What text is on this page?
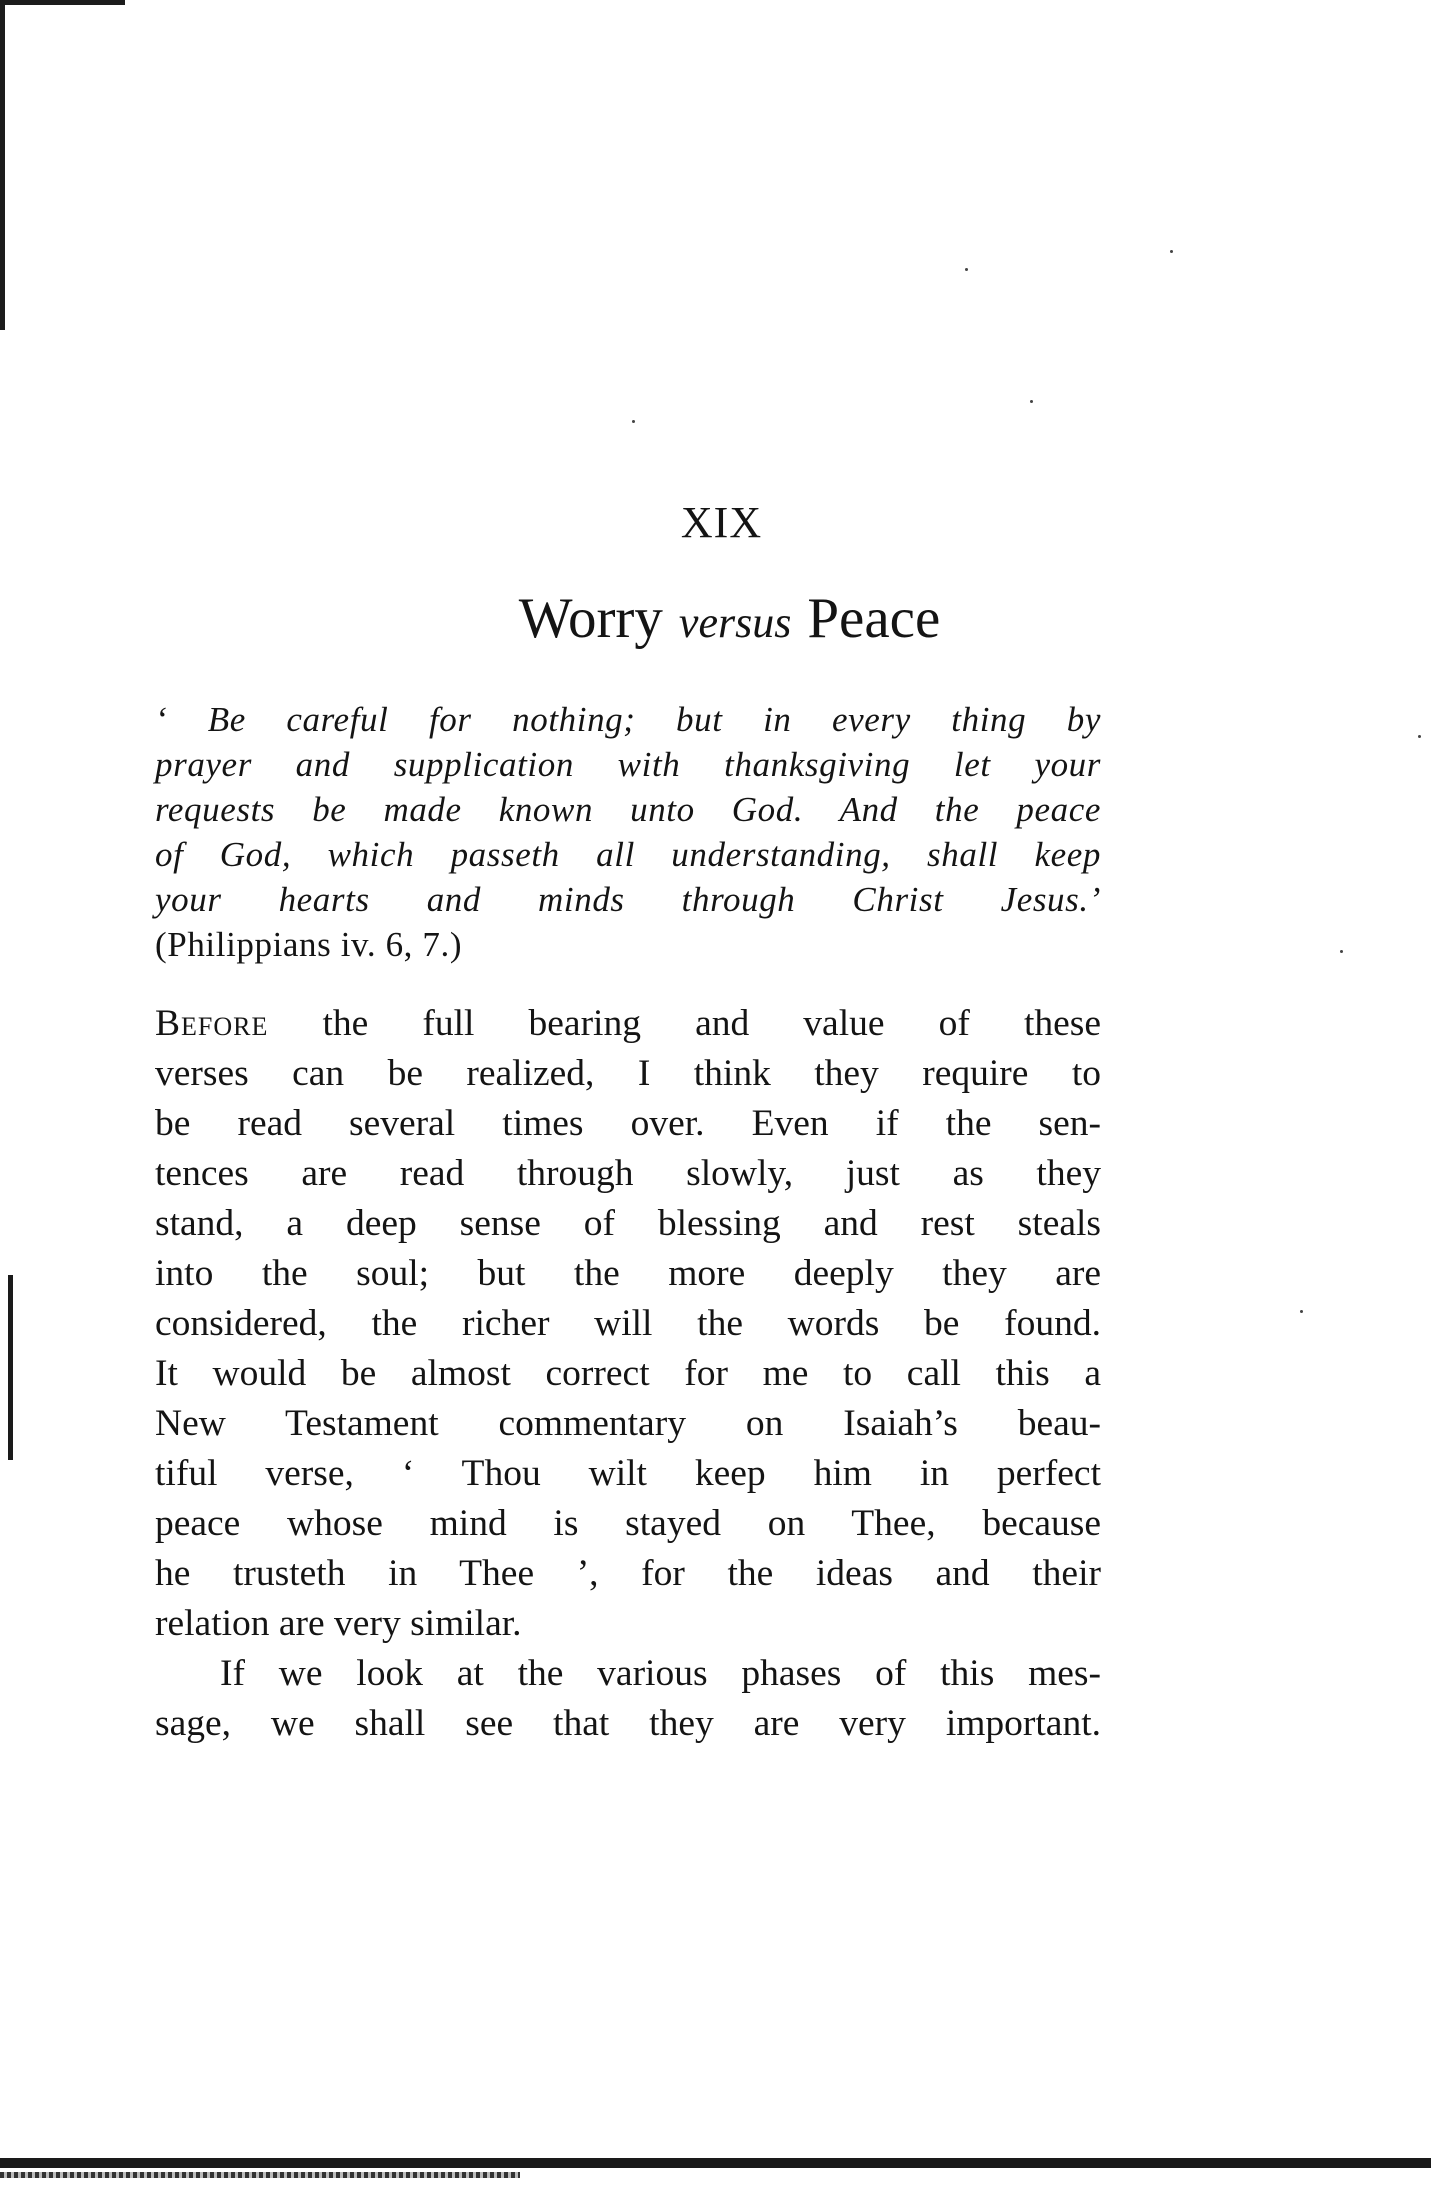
XIX
Worry versus Peace
‘ Be careful for nothing; but in every thing by
prayer and supplication with thanksgiving let your
requests be made known unto God. And the peace
of God, which passeth all understanding, shall keep
your hearts and minds through Christ Jesus.’
(Philippians iv. 6, 7.)
Before the full bearing and value of these
verses can be realized, I think they require to
be read several times over. Even if the sen-
tences are read through slowly, just as they
stand, a deep sense of blessing and rest steals
into the soul; but the more deeply they are
considered, the richer will the words be found.
It would be almost correct for me to call this a
New Testament commentary on Isaiah’s beau-
tiful verse, ‘ Thou wilt keep him in perfect
peace whose mind is stayed on Thee, because
he trusteth in Thee ’, for the ideas and their
relation are very similar.
If we look at the various phases of this mes-
sage, we shall see that they are very important.
